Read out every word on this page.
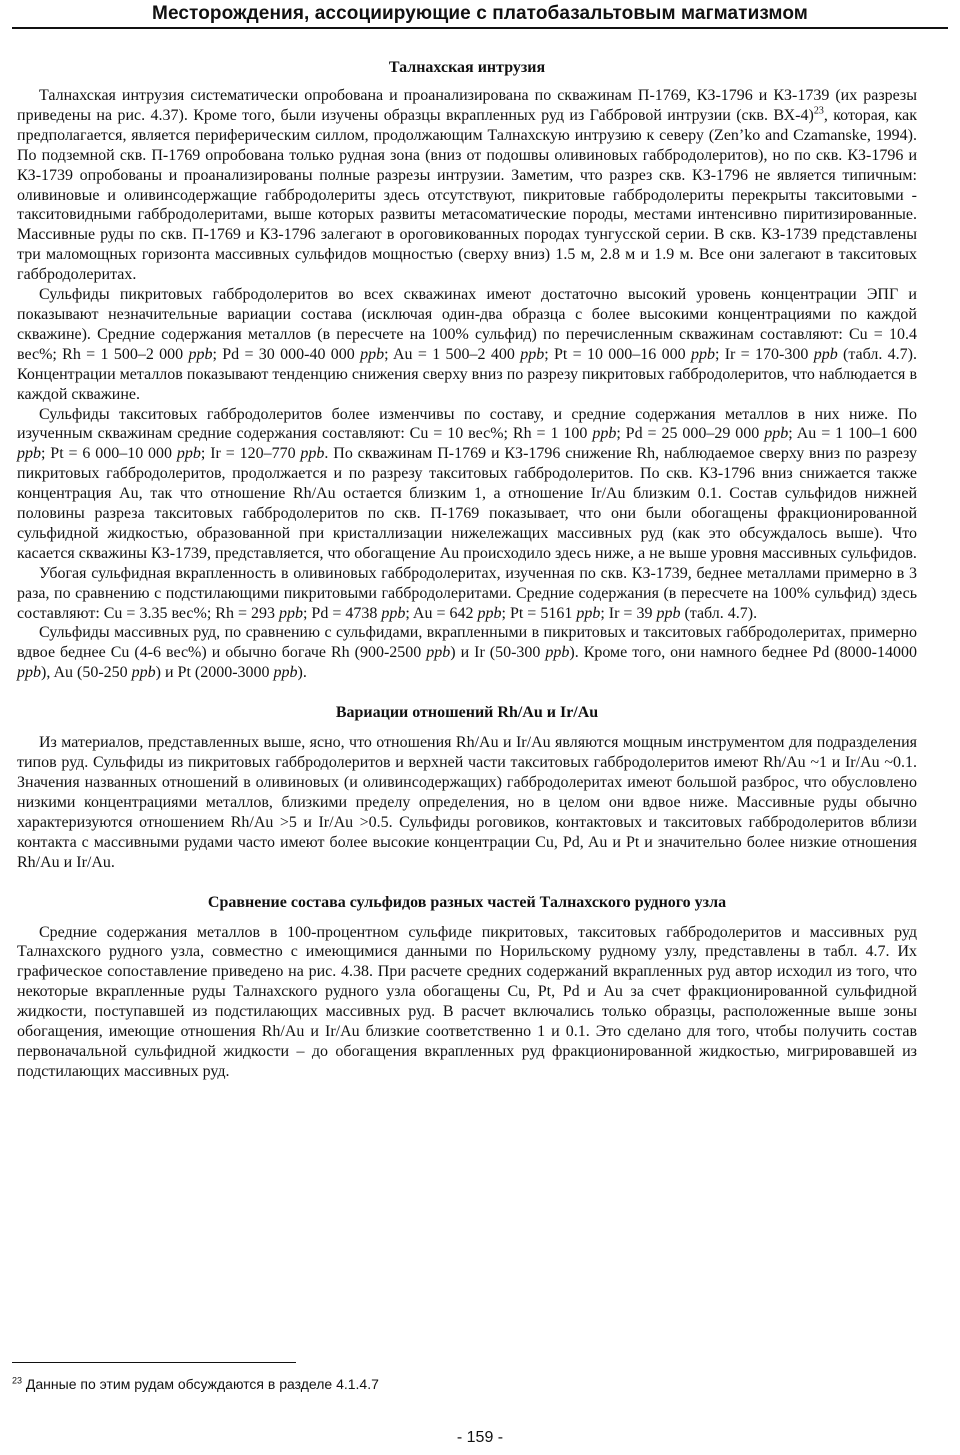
Месторождения, ассоциирующие с платобазальтовым магматизмом
Талнахская интрузия

Талнахская интрузия систематически опробована и проанализирована по скважинам П-1769, КЗ-1796 и КЗ-1739 (их разрезы приведены на рис. 4.37). Кроме того, были изучены образцы вкрапленных руд из Габбровой интрузии (скв. ВХ-4)$^{23}$, которая, как предполагается, является периферическим силлом, продолжающим Талнахскую интрузию к северу (Zen’ko and Czamanske, 1994). По подземной скв. П-1769 опробована только рудная зона (вниз от подошвы оливиновых габбродолеритов), но по скв. КЗ-1796 и КЗ-1739 опробованы и проанализированы полные разрезы интрузии. Заметим, что разрез скв. КЗ-1796 не является типичным: оливиновые и оливинсодержащие габбродолериты здесь отсутствуют, пикритовые габбродолериты перекрыты такситовыми - такситовидными габбродолеритами, выше которых развиты метасоматические породы, местами интенсивно пиритизированные. Массивные руды по скв. П-1769 и КЗ-1796 залегают в ороговикованных породах тунгусской серии. В скв. КЗ-1739 представлены три маломощных горизонта массивных сульфидов мощностью (сверху вниз) 1.5 м, 2.8 м и 1.9 м. Все они залегают в такситовых габбродолеритах.

Сульфиды пикритовых габбродолеритов во всех скважинах имеют достаточно высокий уровень концентрации ЭПГ и показывают незначительные вариации состава (исключая один-два образца с более высокими концентрациями по каждой скважине). Средние содержания металлов (в пересчете на 100% сульфид) по перечисленным скважинам составляют: Cu = 10.4 вес%; Rh = 1 500–2 000 ppb; Pd = 30 000-40 000 ppb; Au = 1 500–2 400 ppb; Pt = 10 000–16 000 ppb; Ir = 170-300 ppb (табл. 4.7). Концентрации металлов показывают тенденцию снижения сверху вниз по разрезу пикритовых габбродолеритов, что наблюдается в каждой скважине.

Сульфиды такситовых габбродолеритов более изменчивы по составу, и средние содержания металлов в них ниже. По изученным скважинам средние содержания составляют: Cu = 10 вес%; Rh = 1 100 ppb; Pd = 25 000–29 000 ppb; Au = 1 100–1 600 ppb; Pt = 6 000–10 000 ppb; Ir = 120–770 ppb. По скважинам П-1769 и КЗ-1796 снижение Rh, наблюдаемое сверху вниз по разрезу пикритовых габбродолеритов, продолжается и по разрезу такситовых габбродолеритов. По скв. КЗ-1796 вниз снижается также концентрация Au, так что отношение Rh/Au остается близким 1, а отношение Ir/Au близким 0.1. Состав сульфидов нижней половины разреза такситовых габбродолеритов по скв. П-1769 показывает, что они были обогащены фракционированной сульфидной жидкостью, образованной при кристаллизации нижележащих массивных руд (как это обсуждалось выше). Что касается скважины КЗ-1739, представляется, что обогащение Au происходило здесь ниже, а не выше уровня массивных сульфидов.

Убогая сульфидная вкрапленность в оливиновых габбродолеритах, изученная по скв. КЗ-1739, беднее металлами примерно в 3 раза, по сравнению с подстилающими пикритовыми габбродолеритами. Средние содержания (в пересчете на 100% сульфид) здесь составляют: Cu = 3.35 вес%; Rh = 293 ppb; Pd = 4738 ppb; Au = 642 ppb; Pt = 5161 ppb; Ir = 39 ppb (табл. 4.7).

Сульфиды массивных руд, по сравнению с сульфидами, вкрапленными в пикритовых и такситовых габбродолеритах, примерно вдвое беднее Cu (4-6 вес%) и обычно богаче Rh (900-2500 ppb) и Ir (50-300 ppb). Кроме того, они намного беднее Pd (8000-14000 ppb), Au (50-250 ppb) и Pt (2000-3000 ppb).

Вариации отношений Rh/Au и Ir/Au

Из материалов, представленных выше, ясно, что отношения Rh/Au и Ir/Au являются мощным инструментом для подразделения типов руд. Сульфиды из пикритовых габбродолеритов и верхней части такситовых габбродолеритов имеют Rh/Au ~1 и Ir/Au ~0.1. Значения названных отношений в оливиновых (и оливинсодержащих) габбродолеритах имеют большой разброс, что обусловлено низкими концентрациями металлов, близкими пределу определения, но в целом они вдвое ниже. Массивные руды обычно характеризуются отношением Rh/Au >5 и Ir/Au >0.5. Сульфиды роговиков, контактовых и такситовых габбродолеритов вблизи контакта с массивными рудами часто имеют более высокие концентрации Cu, Pd, Au и Pt и значительно более низкие отношения Rh/Au и Ir/Au.

Сравнение состава сульфидов разных частей Талнахского рудного узла

Средние содержания металлов в 100-процентном сульфиде пикритовых, такситовых габбродолеритов и массивных руд Талнахского рудного узла, совместно с имеющимися данными по Норильскому рудному узлу, представлены в табл. 4.7. Их графическое сопоставление приведено на рис. 4.38. При расчете средних содержаний вкрапленных руд автор исходил из того, что некоторые вкрапленные руды Талнахского рудного узла обогащены Cu, Pt, Pd и Au за счет фракционированной сульфидной жидкости, поступавшей из подстилающих массивных руд. В расчет включались только образцы, расположенные выше зоны обогащения, имеющие отношения Rh/Au и Ir/Au близкие соответственно 1 и 0.1. Это сделано для того, чтобы получить состав первоначальной сульфидной жидкости – до обогащения вкрапленных руд фракционированной жидкостью, мигрировавшей из подстилающих массивных руд.

$^{23}$ Данные по этим рудам обсуждаются в разделе 4.1.4.7
- 159 -
